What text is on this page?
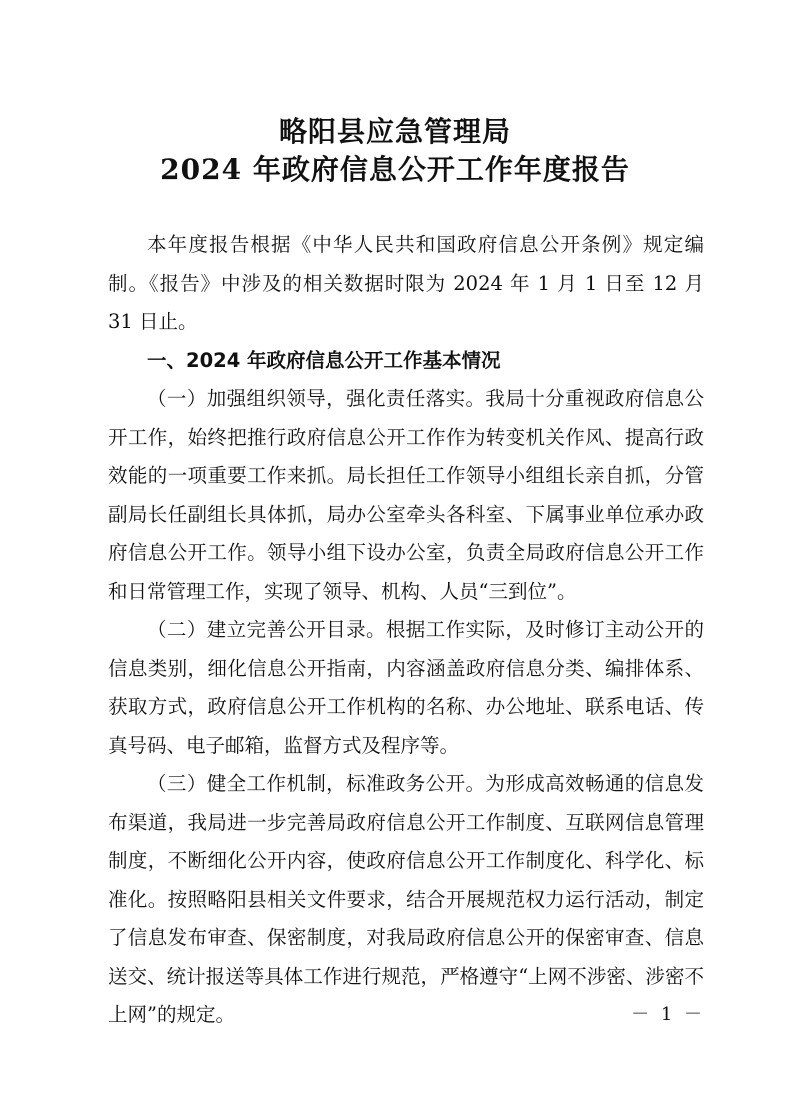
略阳县应急管理局
2024 年政府信息公开工作年度报告

本年度报告根据《中华人民共和国政府信息公开条例》规定编制。《报告》中涉及的相关数据时限为 2024 年 1 月 1 日至 12 月 31 日止。

一、2024 年政府信息公开工作基本情况

（一）加强组织领导，强化责任落实。我局十分重视政府信息公开工作，始终把推行政府信息公开工作作为转变机关作风、提高行政效能的一项重要工作来抓。局长担任工作领导小组组长亲自抓，分管副局长任副组长具体抓，局办公室牵头各科室、下属事业单位承办政府信息公开工作。领导小组下设办公室，负责全局政府信息公开工作和日常管理工作，实现了领导、机构、人员“三到位”。

（二）建立完善公开目录。根据工作实际，及时修订主动公开的信息类别，细化信息公开指南，内容涵盖政府信息分类、编排体系、获取方式，政府信息公开工作机构的名称、办公地址、联系电话、传真号码、电子邮箱，监督方式及程序等。

（三）健全工作机制，标准政务公开。为形成高效畅通的信息发布渠道，我局进一步完善局政府信息公开工作制度、互联网信息管理制度，不断细化公开内容，使政府信息公开工作制度化、科学化、标准化。按照略阳县相关文件要求，结合开展规范权力运行活动，制定了信息发布审查、保密制度，对我局政府信息公开的保密审查、信息送交、统计报送等具体工作进行规范，严格遵守“上网不涉密、涉密不上网”的规定。	－ 1 －
